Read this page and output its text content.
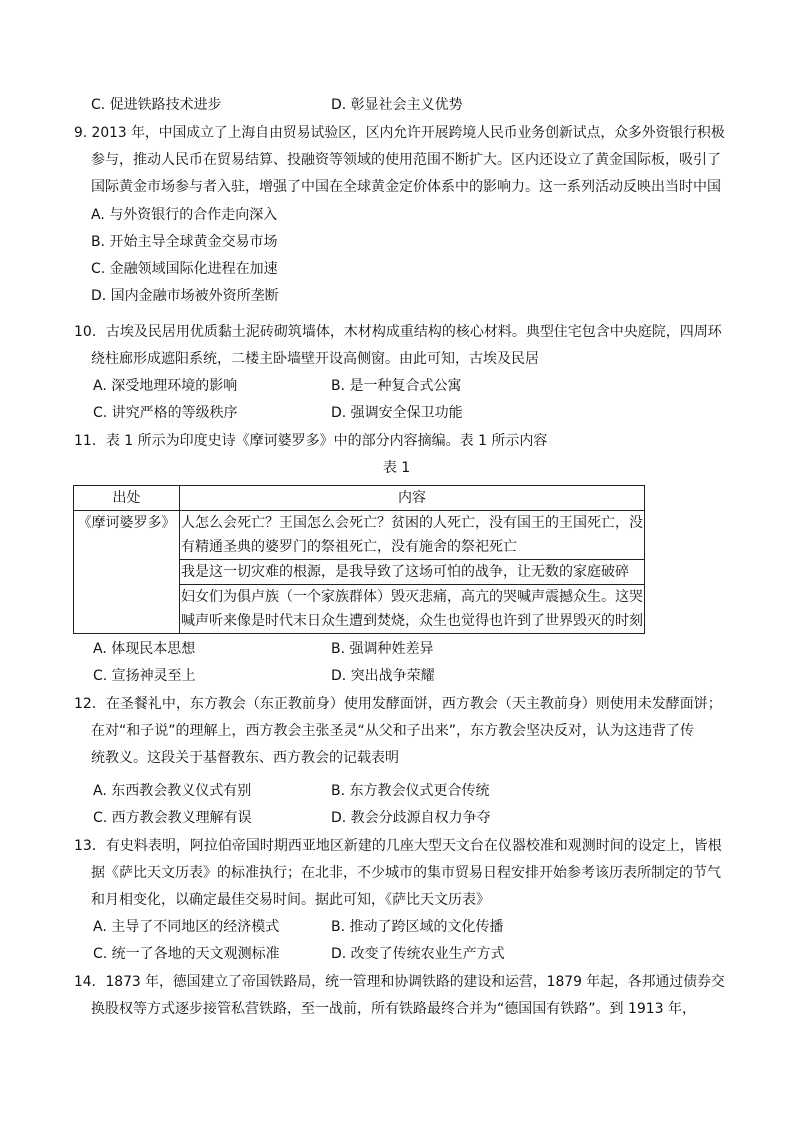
C. 促进铁路技术进步	D. 彰显社会主义优势
9. 2013 年，中国成立了上海自由贸易试验区，区内允许开展跨境人民币业务创新试点，众多外资银行积极
参与，推动人民币在贸易结算、投融资等领域的使用范围不断扩大。区内还设立了黄金国际板，吸引了
国际黄金市场参与者入驻，增强了中国在全球黄金定价体系中的影响力。这一系列活动反映出当时中国
A. 与外资银行的合作走向深入
B. 开始主导全球黄金交易市场
C. 金融领域国际化进程在加速
D. 国内金融市场被外资所垄断
10．古埃及民居用优质黏土泥砖砌筑墙体，木材构成重结构的核心材料。典型住宅包含中央庭院，四周环
绕柱廊形成遮阳系统，二楼主卧墙壁开设高侧窗。由此可知，古埃及民居
A. 深受地理环境的影响	B. 是一种复合式公寓
C. 讲究严格的等级秩序	D. 强调安全保卫功能
11．表 1 所示为印度史诗《摩诃婆罗多》中的部分内容摘编。表 1 所示内容
表 1
出处	内容
《摩诃婆罗多》	人怎么会死亡？王国怎么会死亡？贫困的人死亡，没有国王的王国死亡，没
有精通圣典的婆罗门的祭祖死亡，没有施舍的祭祀死亡

	我是这一切灾难的根源，是我导致了这场可怕的战争，让无数的家庭破碎

	妇女们为俱卢族（一个家族群体）毁灭悲痛，高亢的哭喊声震撼众生。这哭
喊声听来像是时代末日众生遭到焚烧，众生也觉得也许到了世界毁灭的时刻
A. 体现民本思想	B. 强调种姓差异
C. 宣扬神灵至上	D. 突出战争荣耀
12．在圣餐礼中，东方教会（东正教前身）使用发酵面饼，西方教会（天主教前身）则使用未发酵面饼；
在对“和子说”的理解上，西方教会主张圣灵“从父和子出来”，东方教会坚决反对，认为这违背了传
统教义。这段关于基督教东、西方教会的记载表明
A. 东西教会教义仪式有别	B. 东方教会仪式更合传统
C. 西方教会教义理解有误	D. 教会分歧源自权力争夺
13．有史料表明，阿拉伯帝国时期西亚地区新建的几座大型天文台在仪器校准和观测时间的设定上，皆根
据《萨比天文历表》的标准执行；在北非，不少城市的集市贸易日程安排开始参考该历表所制定的节气
和月相变化，以确定最佳交易时间。据此可知，《萨比天文历表》
A. 主导了不同地区的经济模式	B. 推动了跨区域的文化传播
C. 统一了各地的天文观测标准	D. 改变了传统农业生产方式
14．1873 年，德国建立了帝国铁路局，统一管理和协调铁路的建设和运营，1879 年起，各邦通过债券交
换股权等方式逐步接管私营铁路，至一战前，所有铁路最终合并为“德国国有铁路”。到 1913 年，
